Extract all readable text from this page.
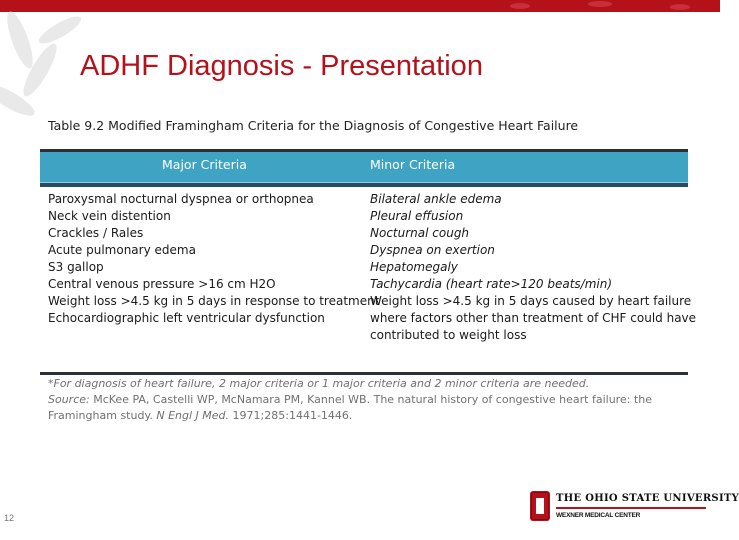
ADHF Diagnosis - Presentation
Table 9.2 Modified Framingham Criteria for the Diagnosis of Congestive Heart Failure
Major Criteria	Minor Criteria
Paroxysmal nocturnal dyspnea or orthopnea
Neck vein distention
Crackles / Rales
Acute pulmonary edema
S3 gallop
Central venous pressure >16 cm H2O
Weight loss >4.5 kg in 5 days in response to treatment
Echocardiographic left ventricular dysfunction
Bilateral ankle edema
Pleural effusion
Nocturnal cough
Dyspnea on exertion
Hepatomegaly
Tachycardia (heart rate>120 beats/min)
Weight loss >4.5 kg in 5 days caused by heart failure
where factors other than treatment of CHF could have
contributed to weight loss
*For diagnosis of heart failure, 2 major criteria or 1 major criteria and 2 minor criteria are needed.
Source: McKee PA, Castelli WP, McNamara PM, Kannel WB. The natural history of congestive heart failure: the Framingham study. N Engl J Med. 1971;285:1441-1446.
12
THE OHIO STATE UNIVERSITY
WEXNER MEDICAL CENTER
